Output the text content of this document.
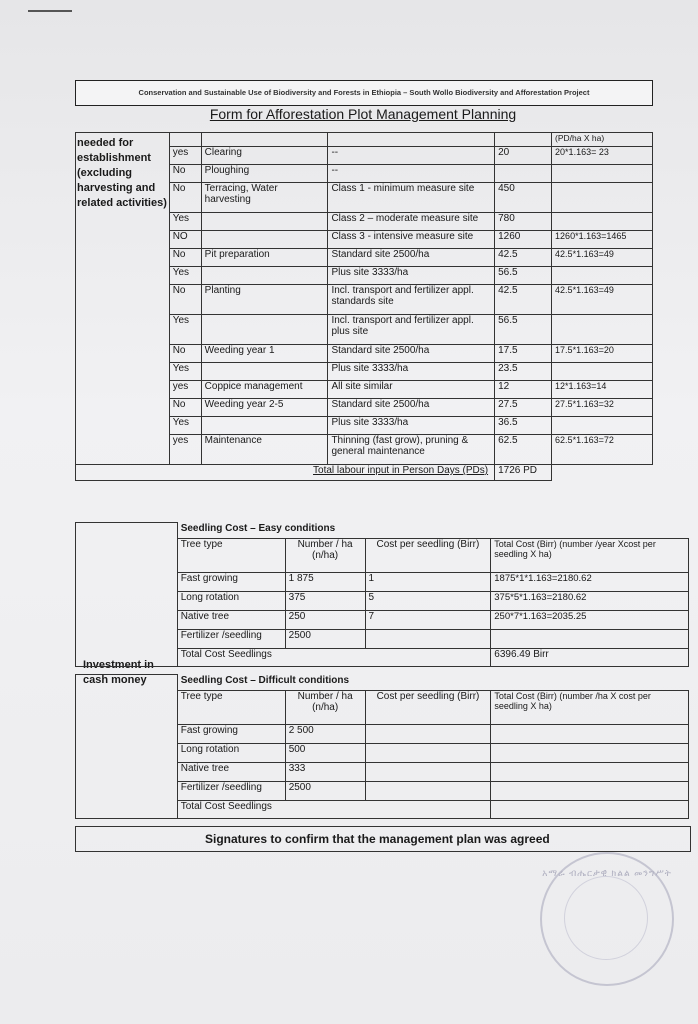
Conservation and Sustainable Use of Biodiversity and Forests in Ethiopia – South Wollo Biodiversity and Afforestation Project
Form for Afforestation Plot Management Planning
needed for establishment (excluding harvesting and related activities)
					(PD/ha X ha)
	yes	Clearing	--	20	20*1.163= 23
	No	Ploughing	--		
	No	Terracing, Water harvesting	Class 1 - minimum measure site	450	
	Yes		Class 2 – moderate measure site	780	
	NO		Class 3 - intensive measure site	1260	1260*1.163=1465
	No	Pit preparation	Standard site 2500/ha	42.5	42.5*1.163=49
	Yes		Plus site 3333/ha	56.5	
	No	Planting	Incl. transport and fertilizer appl. standards site	42.5	42.5*1.163=49
	Yes		Incl. transport and fertilizer appl. plus site	56.5	
	No	Weeding year 1	Standard site 2500/ha	17.5	17.5*1.163=20
	Yes		Plus site 3333/ha	23.5	
	yes	Coppice management	All site similar	12	12*1.163=14
	No	Weeding year 2-5	Standard site 2500/ha	27.5	27.5*1.163=32
	Yes		Plus site 3333/ha	36.5	
	yes	Maintenance	Thinning (fast grow), pruning & general maintenance	62.5	62.5*1.163=72
Total labour input in Person Days (PDs)				1726 PD	
Investment in cash money
	Seedling Cost – Easy conditions			
	Tree type	Number / ha (n/ha)	Cost per seedling (Birr)	Total Cost (Birr) (number /year Xcost per seedling X ha)
	Fast growing	1 875	1	1875*1*1.163=2180.62
	Long rotation	375	5	375*5*1.163=2180.62
	Native tree	250	7	250*7*1.163=2035.25
	Fertilizer /seedling	2500		
	Total Cost Seedlings			6396.49 Birr
	Seedling Cost – Difficult conditions			
	Tree type	Number / ha (n/ha)	Cost per seedling (Birr)	Total Cost (Birr) (number /ha X cost per seedling X ha)
	Fast growing	2 500		
	Long rotation	500		
	Native tree	333		
	Fertilizer /seedling	2500		
	Total Cost Seedlings			
Signatures to confirm that the management plan was agreed
አማራ ብሔርታዊ ክልል መንግሥት
